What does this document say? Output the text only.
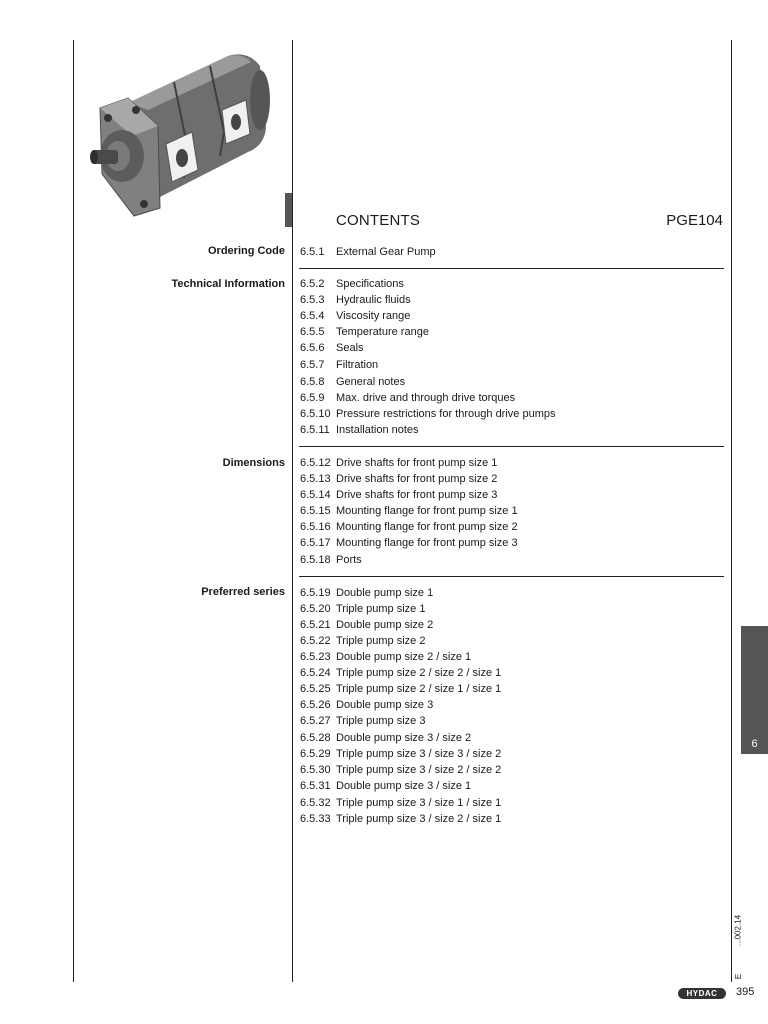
CONTENTS	PGE104
Ordering Code 6.5.1 External Gear Pump
Technical Information 6.5.2 Specifications
6.5.3 Hydraulic fluids
6.5.4 Viscosity range
6.5.5 Temperature range
6.5.6 Seals
6.5.7 Filtration
6.5.8 General notes
6.5.9 Max. drive and through drive torques
6.5.10 Pressure restrictions for through drive pumps
6.5.11 Installation notes
Dimensions 6.5.12 Drive shafts for front pump size 1
6.5.13 Drive shafts for front pump size 2
6.5.14 Drive shafts for front pump size 3
6.5.15 Mounting flange for front pump size 1
6.5.16 Mounting flange for front pump size 2
6.5.17 Mounting flange for front pump size 3
6.5.18 Ports
Preferred series 6.5.19 Double pump size 1
6.5.20 Triple pump size 1
6.5.21 Double pump size 2
6.5.22 Triple pump size 2
6.5.23 Double pump size 2 / size 1
6.5.24 Triple pump size 2 / size 2 / size 1
6.5.25 Triple pump size 2 / size 1 / size 1
6.5.26 Double pump size 3
6.5.27 Triple pump size 3
6.5.28 Double pump size 3 / size 2
6.5.29 Triple pump size 3 / size 3 / size 2
6.5.30 Triple pump size 3 / size 2 / size 2
6.5.31 Double pump size 3 / size 1
6.5.32 Triple pump size 3 / size 1 / size 1
6.5.33 Triple pump size 3 / size 2 / size 1
6
...002.14
E
HYDAC	395
